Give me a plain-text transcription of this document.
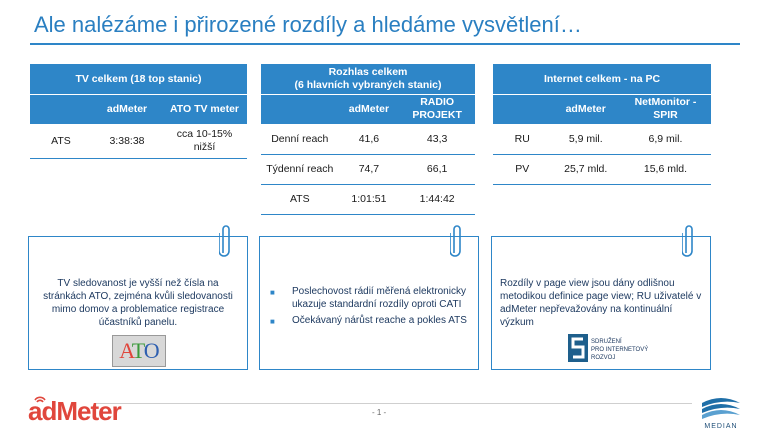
Ale nalézáme i přirozené rozdíly a hledáme vysvětlení…
TV celkem (18 top stanic)		
	adMeter	ATO TV meter
ATS	3:38:38	cca 10-15% nižší
Rozhlas celkem
(6 hlavních vybraných stanic)		

	adMeter	RADIO PROJEKT
Denní reach	41,6	43,3
Týdenní reach	74,7	66,1
ATS	1:01:51	1:44:42
Internet celkem - na PC		
	adMeter	NetMonitor - SPIR
RU	5,9 mil.	6,9 mil.
PV	25,7 mld.	15,6 mld.
TV sledovanost je vyšší než čísla na stránkách ATO, zejména kvůli sledovanosti mimo domov a problematice registrace účastníků panelu.
ATO
■ Poslechovost rádií měřená elektronicky ukazuje standardní rozdíly oproti CATI
■ Očekávaný nárůst reache a pokles ATS
Rozdíly v page view jsou dány odlišnou metodikou definice page view; RU uživatelé v adMeter nepřevažovány na kontinuální výzkum
SDRUŽENÍ
PRO INTERNETOVÝ
ROZVOJ
- 1 -
adMeter
MEDIAN
